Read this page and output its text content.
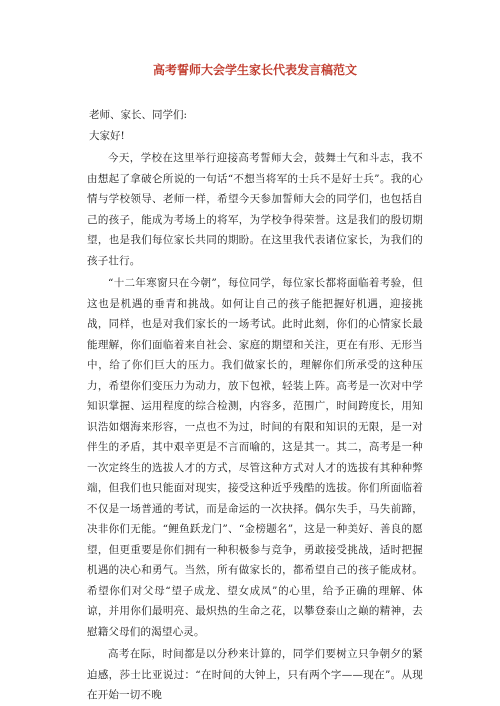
高考誓师大会学生家长代表发言稿范文
老师、家长、同学们:
大家好!

今天，学校在这里举行迎接高考誓师大会，鼓舞士气和斗志，我不由想起了拿破仑所说的一句话“不想当将军的士兵不是好士兵”。我的心情与学校领导、老师一样，希望今天参加誓师大会的同学们，也包括自己的孩子，能成为考场上的将军，为学校争得荣誉。这是我们的殷切期望，也是我们每位家长共同的期盼。在这里我代表诸位家长，为我们的孩子壮行。

“十二年寒窗只在今朝”，每位同学，每位家长都将面临着考验，但这也是机遇的垂青和挑战。如何让自己的孩子能把握好机遇，迎接挑战，同样，也是对我们家长的一场考试。此时此刻，你们的心情家长最能理解，你们面临着来自社会、家庭的期望和关注，更在有形、无形当中，给了你们巨大的压力。我们做家长的，理解你们所承受的这种压力，希望你们变压力为动力，放下包袱，轻装上阵。高考是一次对中学知识掌握、运用程度的综合检测，内容多，范围广，时间跨度长，用知识浩如烟海来形容，一点也不为过，时间的有限和知识的无限，是一对伴生的矛盾，其中艰辛更是不言而喻的，这是其一。其二，高考是一种一次定终生的选拔人才的方式，尽管这种方式对人才的选拔有其种种弊端，但我们也只能面对现实，接受这种近乎残酷的选拔。你们所面临着不仅是一场普通的考试，而是命运的一次抉择。偶尔失手，马失前蹄，决非你们无能。“鲤鱼跃龙门”、“金榜题名”，这是一种美好、善良的愿望，但更重要是你们拥有一种积极参与竞争，勇敢接受挑战，适时把握机遇的决心和勇气。当然，所有做家长的，都希望自己的孩子能成材。希望你们对父母“望子成龙、望女成凤”的心里，给予正确的理解、体谅，并用你们最明亮、最炽热的生命之花，以攀登泰山之巅的精神，去慰籍父母们的渴望心灵。

高考在际，时间都是以分秒来计算的，同学们要树立只争朝夕的紧迫感，莎士比亚说过：“在时间的大钟上，只有两个字——现在”。从现在开始一切不晚
